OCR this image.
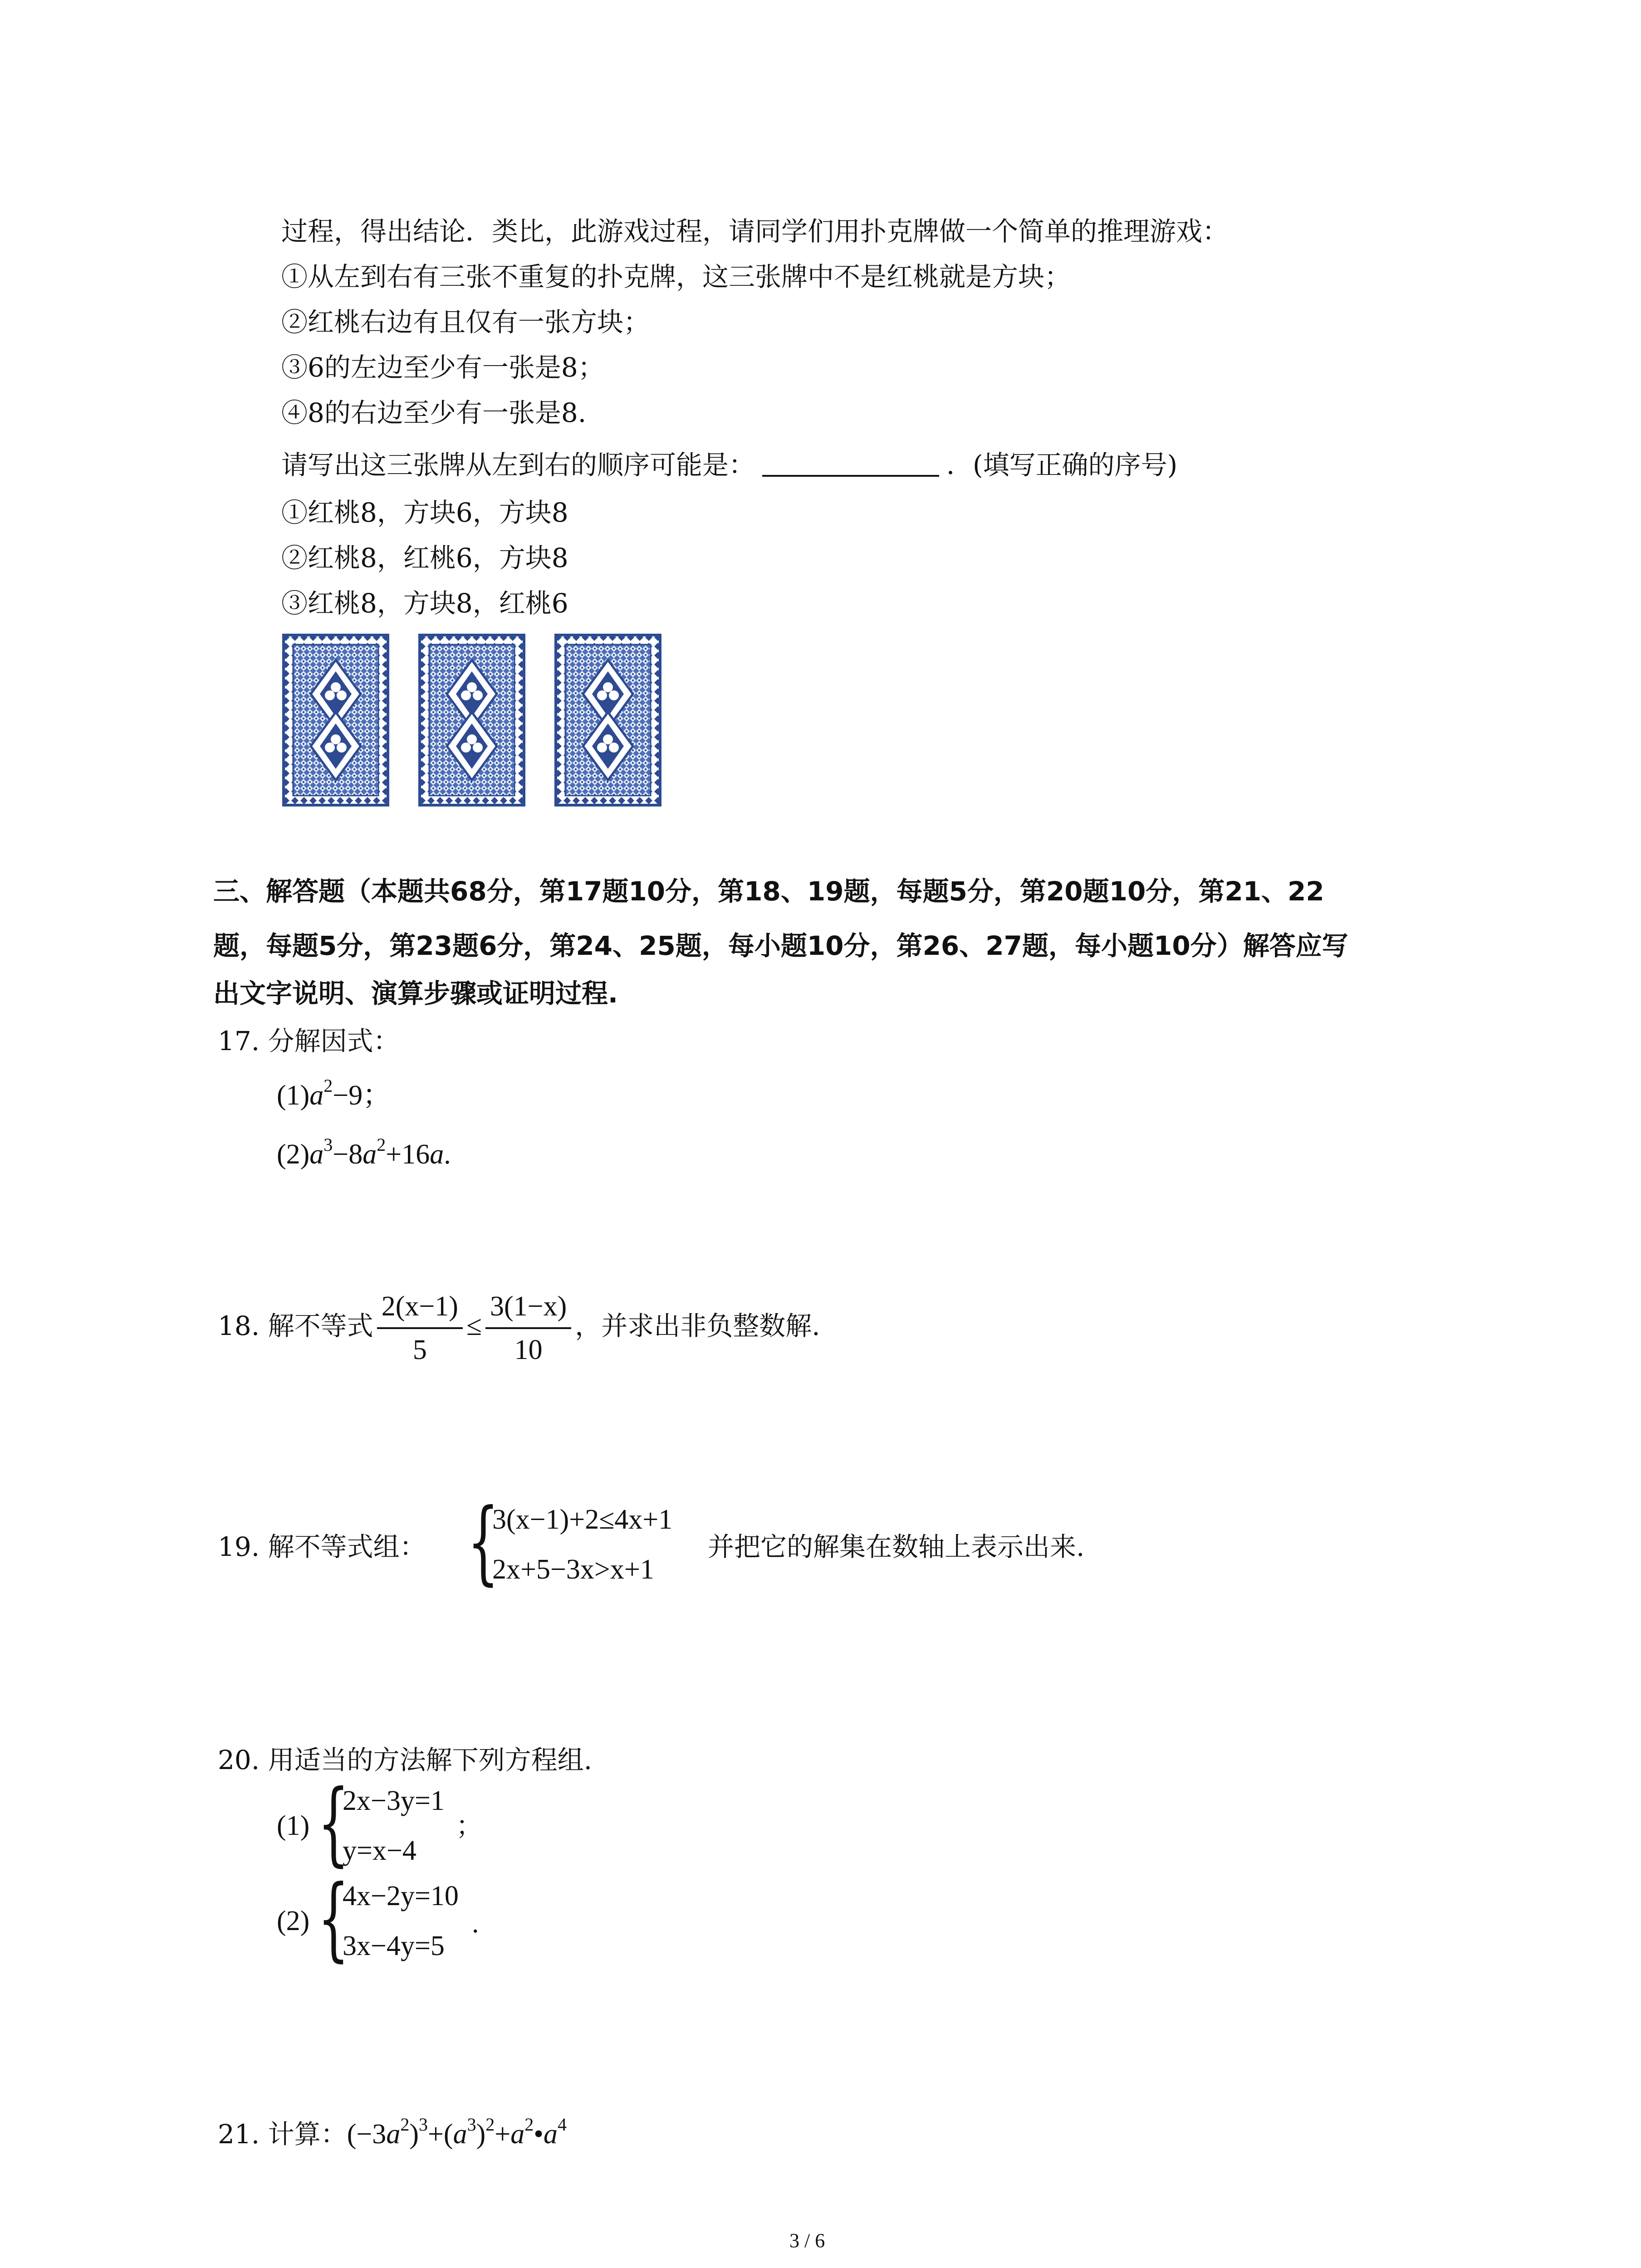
过程，得出结论．类比，此游戏过程，请同学们用扑克牌做一个简单的推理游戏：
①从左到右有三张不重复的扑克牌，这三张牌中不是红桃就是方块；
②红桃右边有且仅有一张方块；
③6的左边至少有一张是8；
④8的右边至少有一张是8.
请写出这三张牌从左到右的顺序可能是：	．(填写正确的序号)
①红桃8，方块6，方块8
②红桃8，红桃6，方块8
③红桃8，方块8，红桃6
三、解答题（本题共68分，第17题10分，第18、19题，每题5分，第20题10分，第21、22
题，每题5分，第23题6分，第24、25题，每小题10分，第26、27题，每小题10分）解答应写
出文字说明、演算步骤或证明过程.
17. 分解因式：
$(1)a^2-9$；
$(2)a^3-8a^2+16a$.
18. 解不等式 $\frac{2(x-1)}{5} \le \frac{3(1-x)}{10}$ ，并求出非负整数解.
19. 解不等式组： {
3(x−1)+2≤4x+1
2x+5−3x>x+1
并把它的解集在数轴上表示出来.
20. 用适当的方法解下列方程组.
(1) {
2x−3y=1
y=x−4
；
(2) {
4x−2y=10
3x−4y=5
.
21. 计算：$(-3a^2)^3+(a^3)^2+a^2•a^4$
3 / 6
